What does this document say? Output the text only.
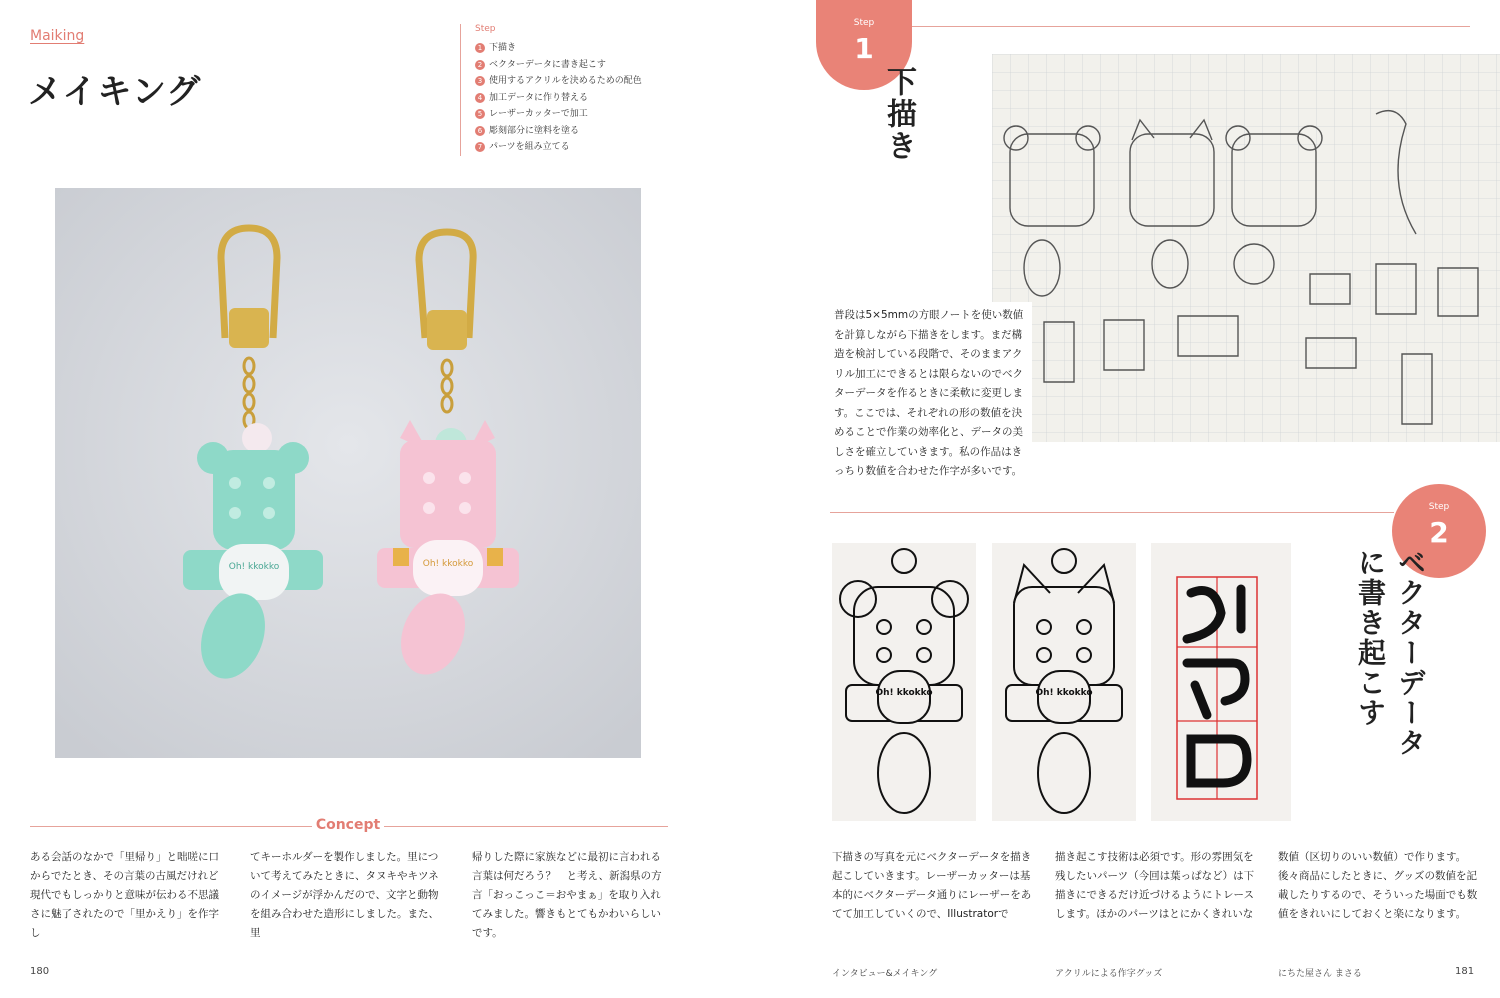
Maiking
メイキング
Step
1 下描き
2 ベクターデータに書き起こす
3 使用するアクリルを決めるための配色
4 加工データに作り替える
5 レーザーカッターで加工
6 彫刻部分に塗料を塗る
7 パーツを組み立てる
Oh! kkokko	Oh! kkokko
Concept
ある会話のなかで「里帰り」と咄嗟に口からでたとき、その言葉の古風だけれど現代でもしっかりと意味が伝わる不思議さに魅了されたので「里かえり」を作字し
てキーホルダーを製作しました。里について考えてみたときに、タヌキやキツネのイメージが浮かんだので、文字と動物を組み合わせた造形にしました。また、里
帰りした際に家族などに最初に言われる言葉は何だろう？　と考え、新潟県の方言「おっこっこ＝おやまぁ」を取り入れてみました。響きもとてもかわいらしいです。
180
Step
1
下描き
普段は5×5mmの方眼ノートを使い数値を計算しながら下描きをします。まだ構造を検討している段階で、そのままアクリル加工にできるとは限らないのでベクターデータを作るときに柔軟に変更します。ここでは、それぞれの形の数値を決めることで作業の効率化と、データの美しさを確立していきます。私の作品はきっちり数値を合わせた作字が多いです。
Step
2
ベクターデータに書き起こす
Oh! kkokko	Oh! kkokko
下描きの写真を元にベクターデータを描き起こしていきます。レーザーカッターは基本的にベクターデータ通りにレーザーをあてて加工していくので、Illustratorで
描き起こす技術は必須です。形の雰囲気を残したいパーツ（今回は葉っぱなど）は下描きにできるだけ近づけるようにトレースします。ほかのパーツはとにかくきれいな
数値（区切りのいい数値）で作ります。後々商品にしたときに、グッズの数値を記載したりするので、そういった場面でも数値をきれいにしておくと楽になります。
インタビュー&メイキング	アクリルによる作字グッズ	にちた屋さん まさる	181
